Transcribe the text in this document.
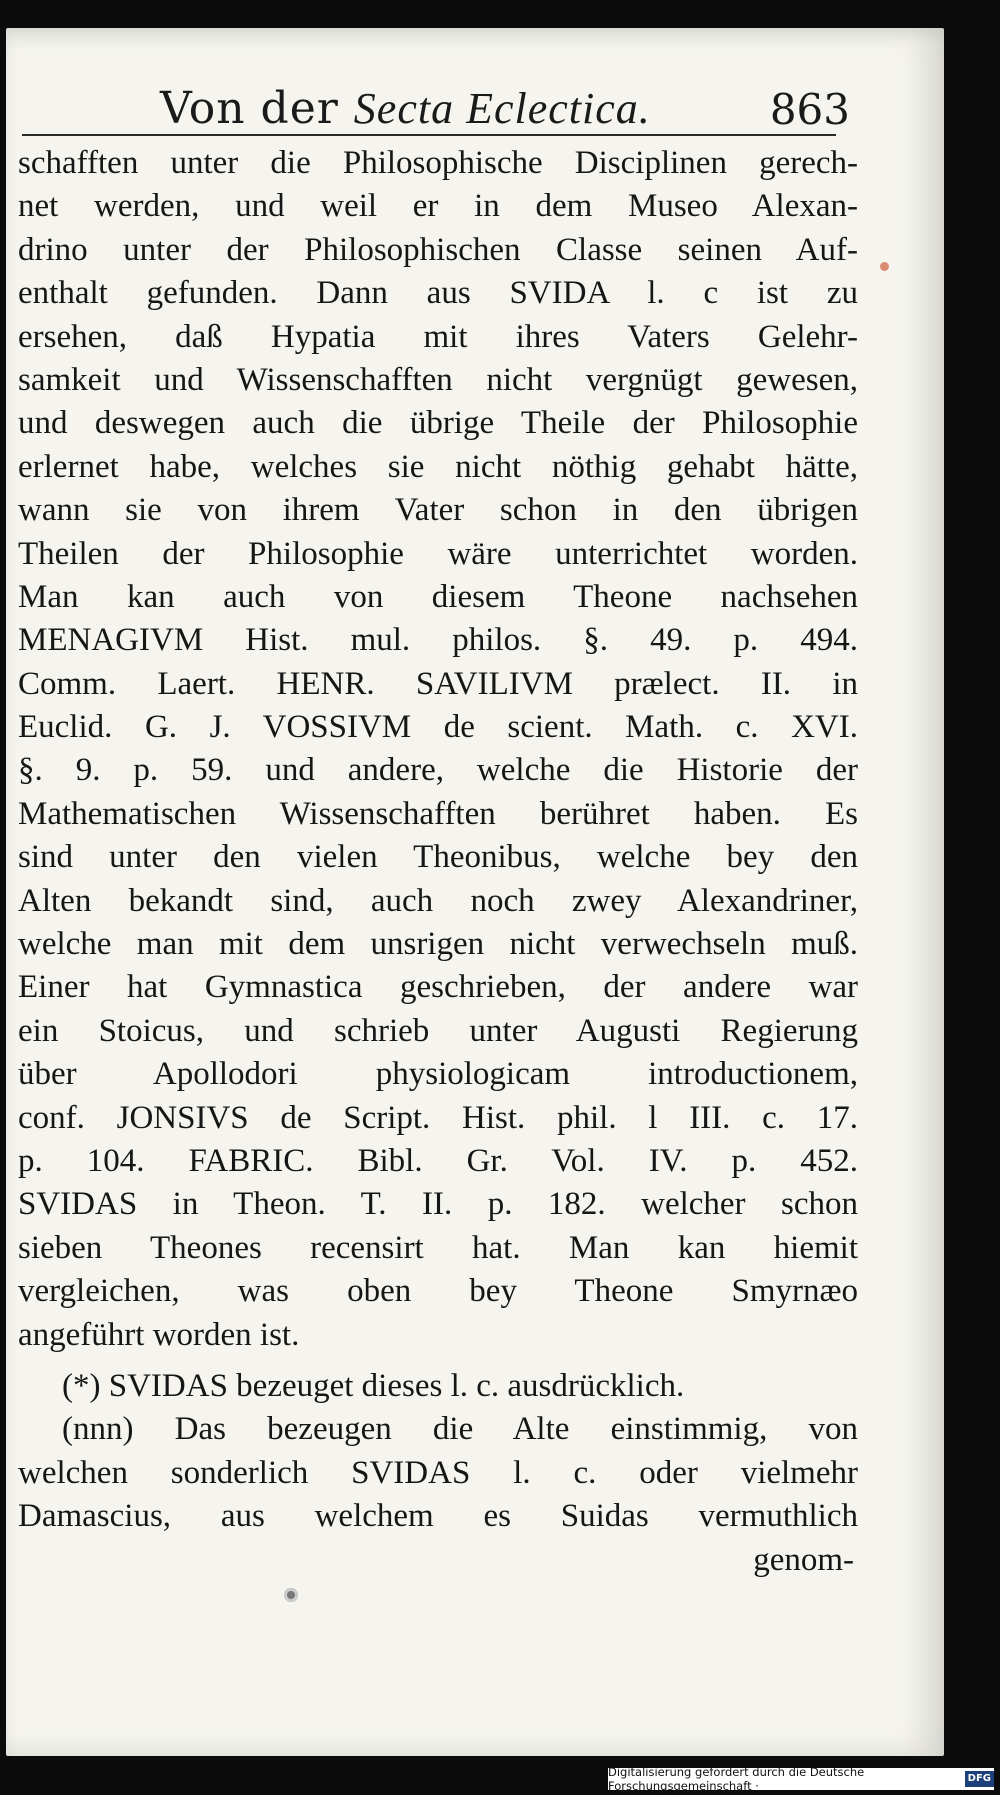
Von der Secta Eclectica.	863
schafften unter die Philosophische Disciplinen gerech-
net werden, und weil er in dem Museo Alexan-
drino unter der Philosophischen Classe seinen Auf-
enthalt gefunden. Dann aus SVIDA l. c ist zu
ersehen, daß Hypatia mit ihres Vaters Gelehr-
samkeit und Wissenschafften nicht vergnügt gewesen,
und deswegen auch die übrige Theile der Philosophie
erlernet habe, welches sie nicht nöthig gehabt hätte,
wann sie von ihrem Vater schon in den übrigen
Theilen der Philosophie wäre unterrichtet worden.
Man kan auch von diesem Theone nachsehen
MENAGIVM Hist. mul. philos. §. 49. p. 494.
Comm. Laert. HENR. SAVILIVM prælect. II. in
Euclid. G. J. VOSSIVM de scient. Math. c. XVI.
§. 9. p. 59. und andere, welche die Historie der
Mathematischen Wissenschafften berühret haben. Es
sind unter den vielen Theonibus, welche bey den
Alten bekandt sind, auch noch zwey Alexandriner,
welche man mit dem unsrigen nicht verwechseln muß.
Einer hat Gymnastica geschrieben, der andere war
ein Stoicus, und schrieb unter Augusti Regierung
über Apollodori physiologicam introductionem,
conf. JONSIVS de Script. Hist. phil. l III. c. 17.
p. 104. FABRIC. Bibl. Gr. Vol. IV. p. 452.
SVIDAS in Theon. T. II. p. 182. welcher schon
sieben Theones recensirt hat. Man kan hiemit
vergleichen, was oben bey Theone Smyrnæo
angeführt worden ist.
(*) SVIDAS bezeuget dieses l. c. ausdrücklich.
(nnn) Das bezeugen die Alte einstimmig, von
welchen sonderlich SVIDAS l. c. oder vielmehr
Damascius, aus welchem es Suidas vermuthlich
genom-
Digitalisierung gefördert durch die Deutsche Forschungsgemeinschaft ·
DFG
